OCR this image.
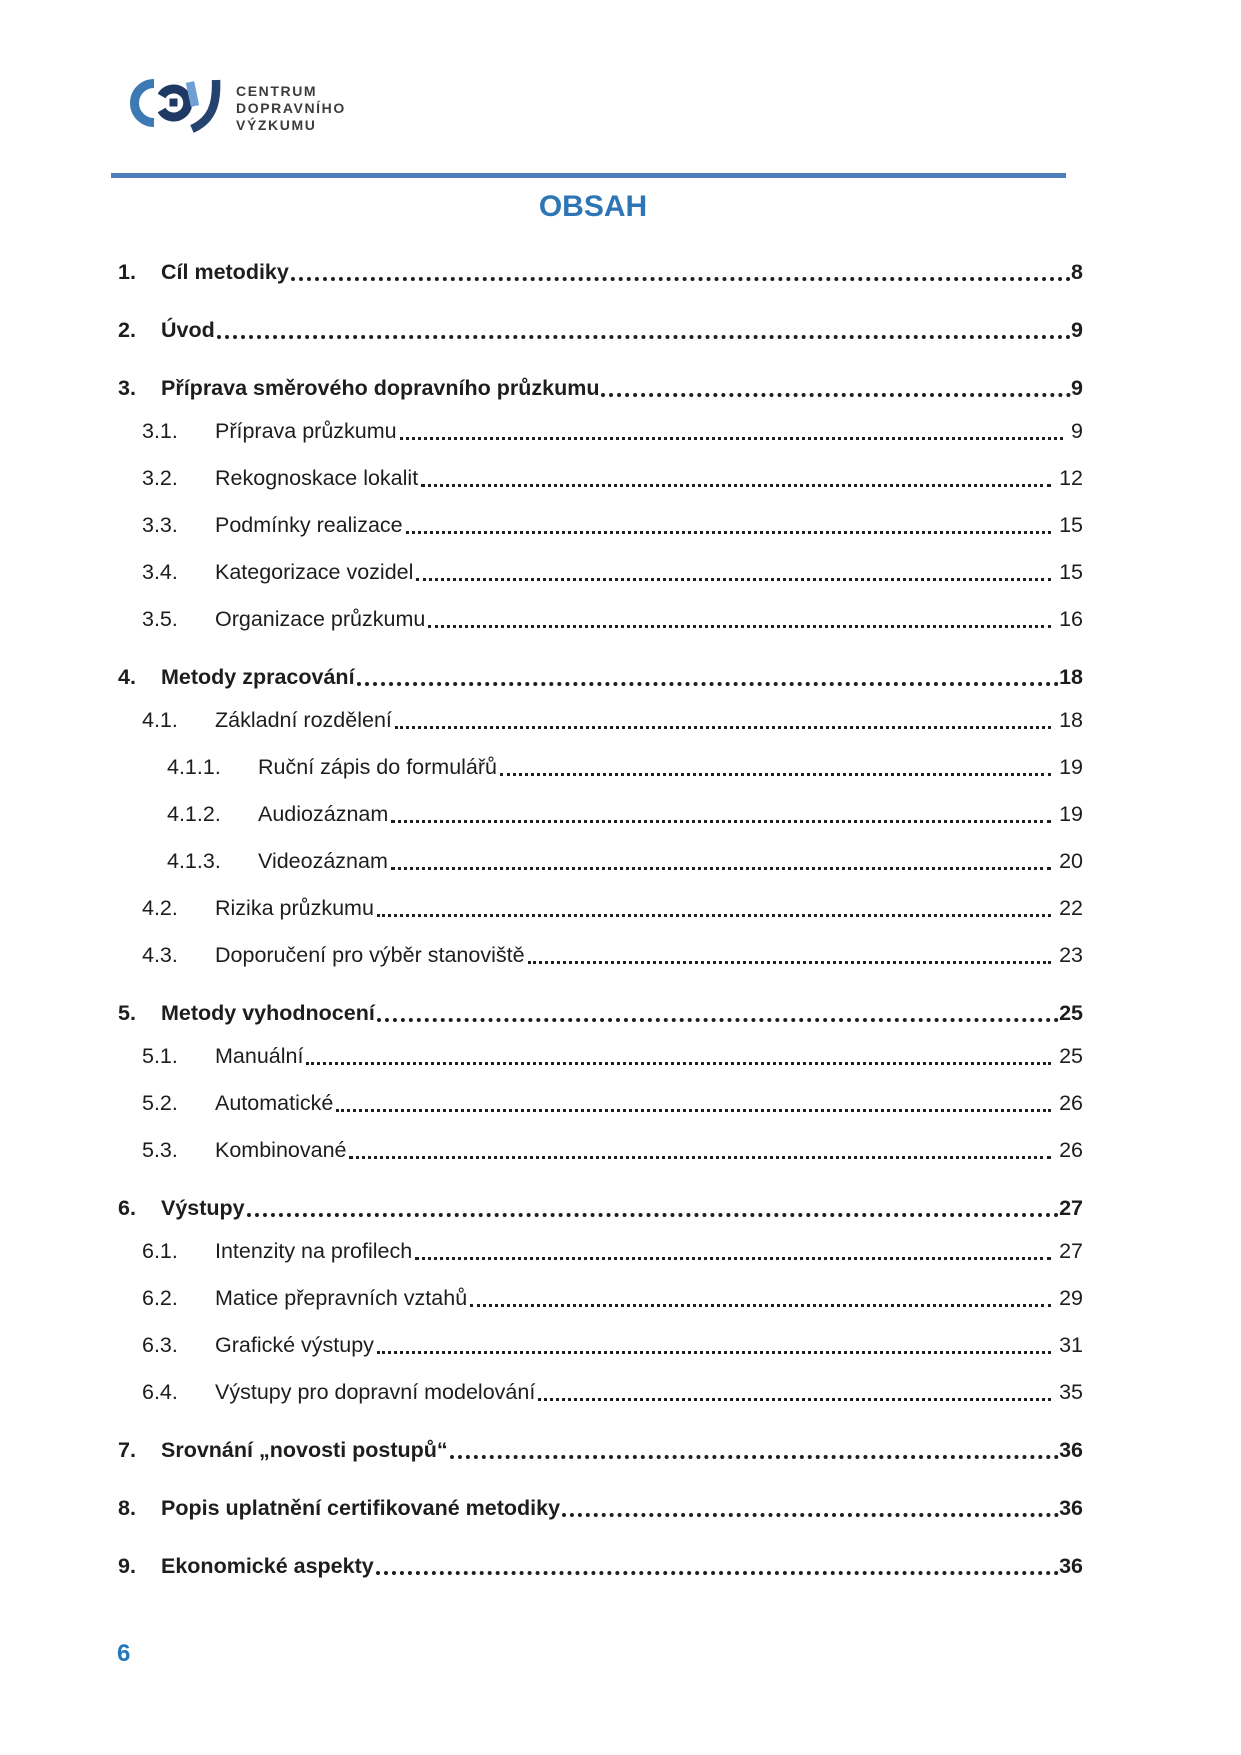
CENTRUM
DOPRAVNÍHO
VÝZKUMU
OBSAH
1.	Cíl metodiky	8
2.	Úvod	9
3.	Příprava směrového dopravního průzkumu	9
3.1.	Příprava průzkumu	9
3.2.	Rekognoskace lokalit	12
3.3.	Podmínky realizace	15
3.4.	Kategorizace vozidel	15
3.5.	Organizace průzkumu	16
4.	Metody zpracování	18
4.1.	Základní rozdělení	18
4.1.1.	Ruční zápis do formulářů	19
4.1.2.	Audiozáznam	19
4.1.3.	Videozáznam	20
4.2.	Rizika průzkumu	22
4.3.	Doporučení pro výběr stanoviště	23
5.	Metody vyhodnocení	25
5.1.	Manuální	25
5.2.	Automatické	26
5.3.	Kombinované	26
6.	Výstupy	27
6.1.	Intenzity na profilech	27
6.2.	Matice přepravních vztahů	29
6.3.	Grafické výstupy	31
6.4.	Výstupy pro dopravní modelování	35
7.	Srovnání „novosti postupů“	36
8.	Popis uplatnění certifikované metodiky	36
9.	Ekonomické aspekty	36
6
